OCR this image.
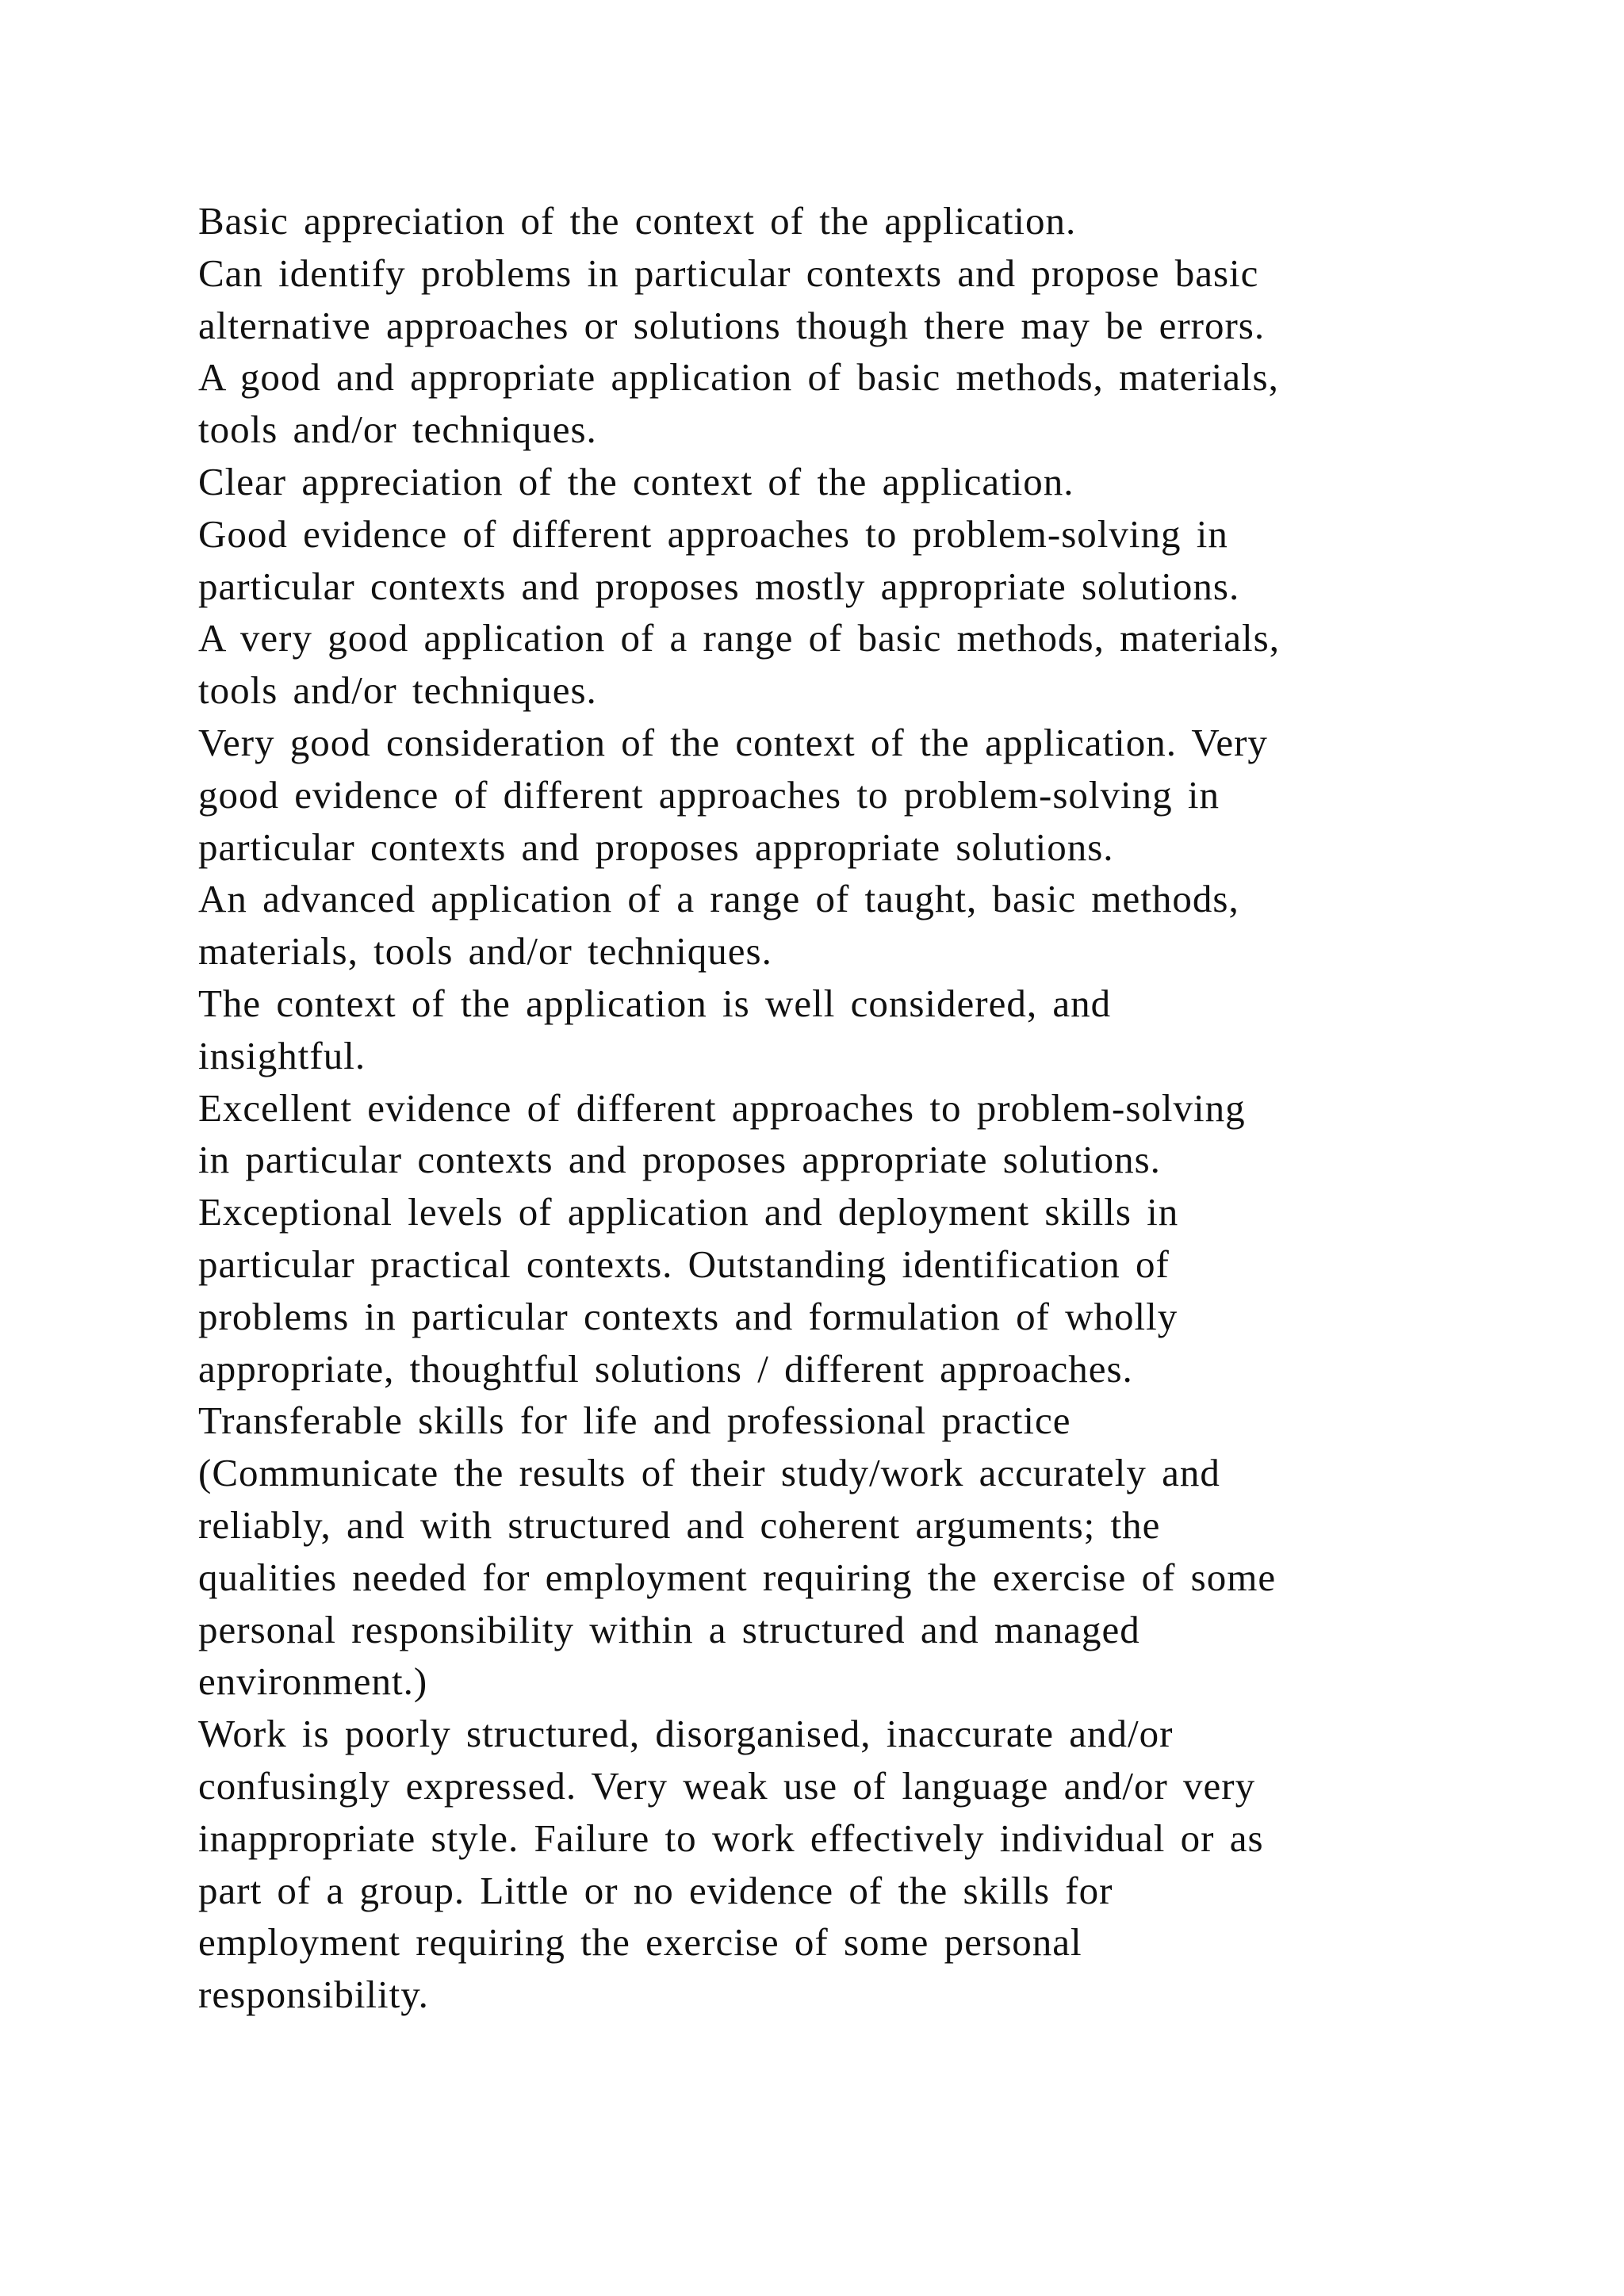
Basic appreciation of the context of the application.
Can identify problems in particular contexts and propose basic
alternative approaches or solutions though there may be errors.
A good and appropriate application of basic methods, materials,
tools and/or techniques.
Clear appreciation of the context of the application.
Good evidence of different approaches to problem-solving in
particular contexts and proposes mostly appropriate solutions.
A very good application of a range of basic methods, materials,
tools and/or techniques.
Very good consideration of the context of the application. Very
good evidence of different approaches to problem-solving in
particular contexts and proposes appropriate solutions.
An advanced application of a range of taught, basic methods,
materials, tools and/or techniques.
The context of the application is well considered, and
insightful.
Excellent evidence of different approaches to problem-solving
in particular contexts and proposes appropriate solutions.
Exceptional levels of application and deployment skills in
particular practical contexts. Outstanding identification of
problems in particular contexts and formulation of wholly
appropriate, thoughtful solutions / different approaches.
Transferable skills for life and professional practice
(Communicate the results of their study/work accurately and
reliably, and with structured and coherent arguments; the
qualities needed for employment requiring the exercise of some
personal responsibility within a structured and managed
environment.)
Work is poorly structured, disorganised, inaccurate and/or
confusingly expressed. Very weak use of language and/or very
inappropriate style. Failure to work effectively individual or as
part of a group. Little or no evidence of the skills for
employment requiring the exercise of some personal
responsibility.
